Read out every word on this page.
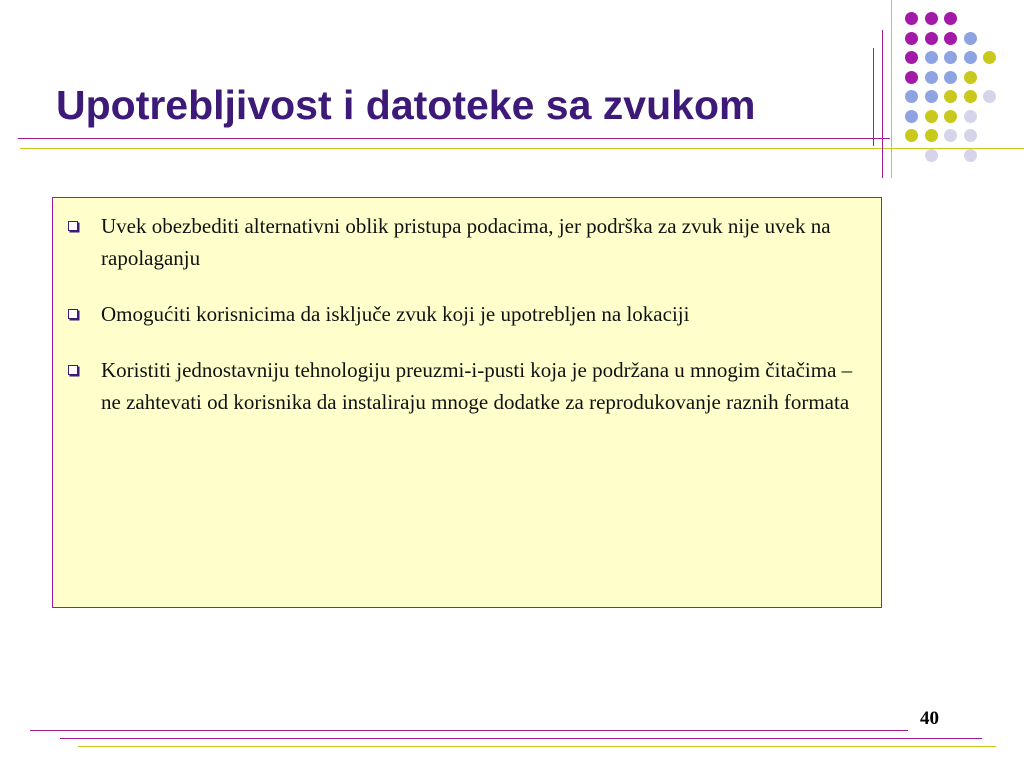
Upotrebljivost i datoteke sa zvukom
Uvek obezbediti alternativni oblik pristupa podacima, jer podrška za zvuk nije uvek na rapolaganju
Omogućiti korisnicima da isključe zvuk koji je upotrebljen na lokaciji
Koristiti jednostavniju tehnologiju preuzmi-i-pusti koja je podržana u mnogim čitačima – ne zahtevati od korisnika da instaliraju mnoge dodatke za reprodukovanje raznih formata
40
